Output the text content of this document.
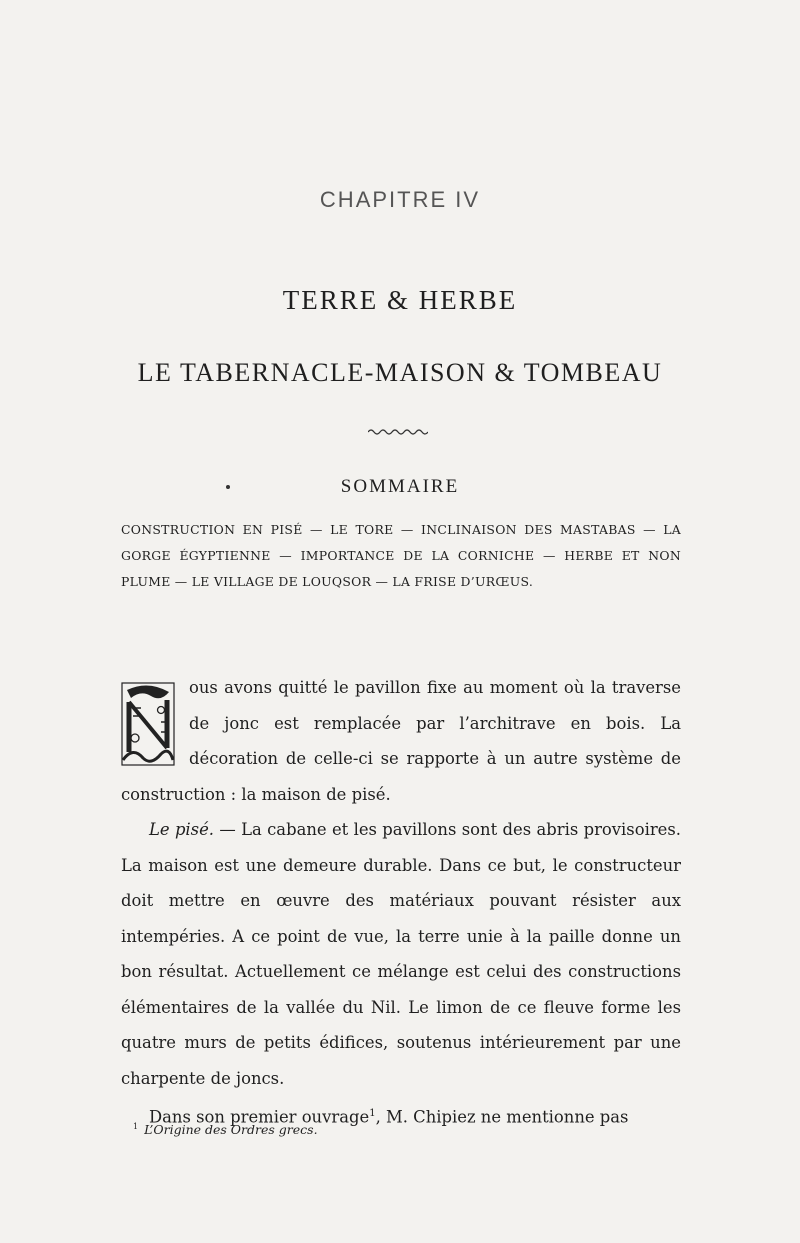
CHAPITRE IV
TERRE & HERBE
LE TABERNACLE-MAISON & TOMBEAU
SOMMAIRE
CONSTRUCTION EN PISÉ — LE TORE — INCLINAISON DES MASTABAS — LA GORGE ÉGYPTIENNE — IMPORTANCE DE LA CORNICHE — HERBE ET NON PLUME — LE VILLAGE DE LOUQSOR — LA FRISE D’URŒUS.

ous avons quitté le pavillon fixe au moment où la traverse de jonc est remplacée par l’architrave en bois. La décoration de celle-ci se rapporte à un autre système de construction : la maison de pisé.

Le pisé. — La cabane et les pavillons sont des abris provisoires. La maison est une demeure durable. Dans ce but, le constructeur doit mettre en œuvre des matériaux pouvant résister aux intempéries. A ce point de vue, la terre unie à la paille donne un bon résultat. Actuellement ce mélange est celui des constructions élémentaires de la vallée du Nil. Le limon de ce fleuve forme les quatre murs de petits édifices, soutenus intérieurement par une charpente de joncs.

Dans son premier ouvrage$^1$, M. Chipiez ne mentionne pas

$^1$ L’Origine des Ordres grecs.
